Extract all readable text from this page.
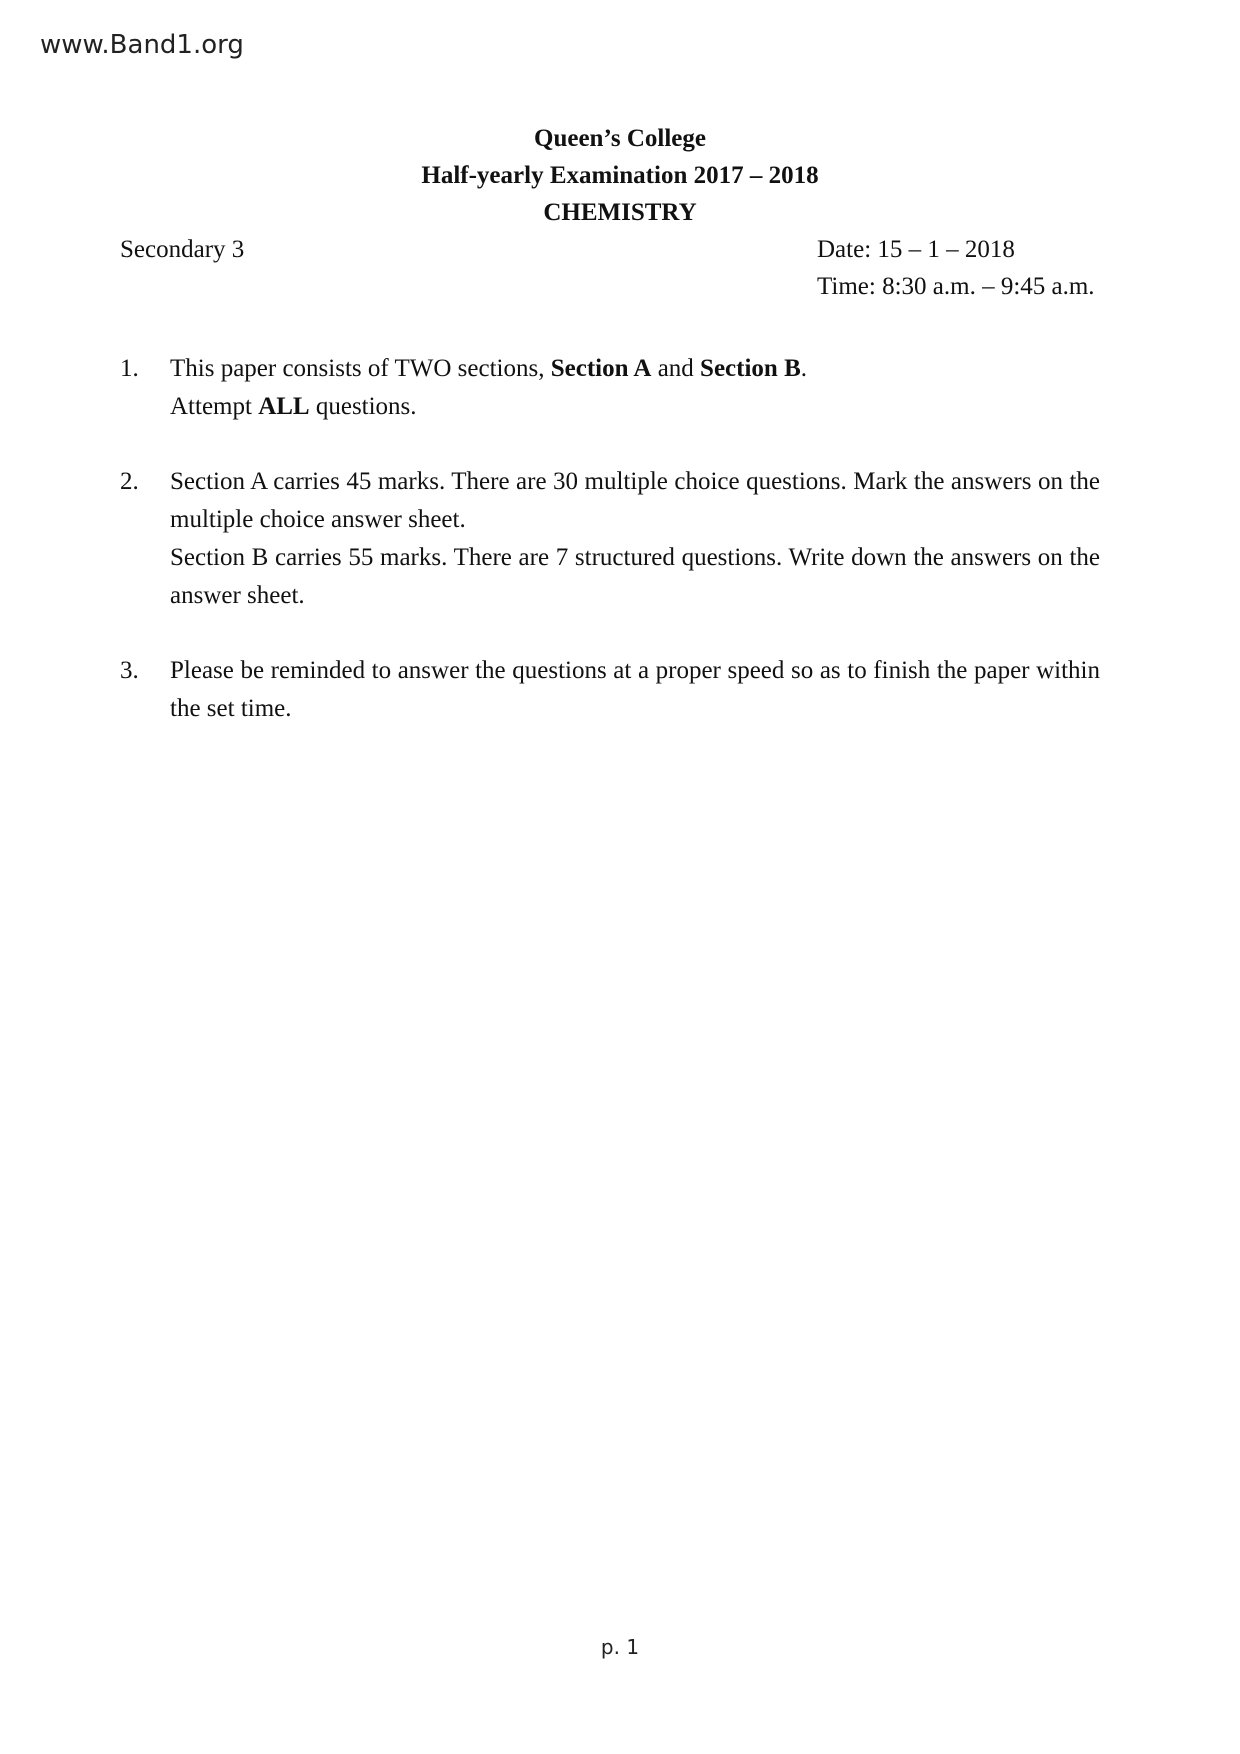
www.Band1.org
Queen’s College
Half-yearly Examination 2017 – 2018
CHEMISTRY
Secondary 3	Date: 15 – 1 – 2018
Time: 8:30 a.m. – 9:45 a.m.
1.	This paper consists of TWO sections, Section A and Section B.

Attempt ALL questions.

2.	Section A carries 45 marks. There are 30 multiple choice questions. Mark the answers on the multiple choice answer sheet.

Section B carries 55 marks. There are 7 structured questions. Write down the answers on the answer sheet.

3.	Please be reminded to answer the questions at a proper speed so as to finish the paper within the set time.

p. 1
